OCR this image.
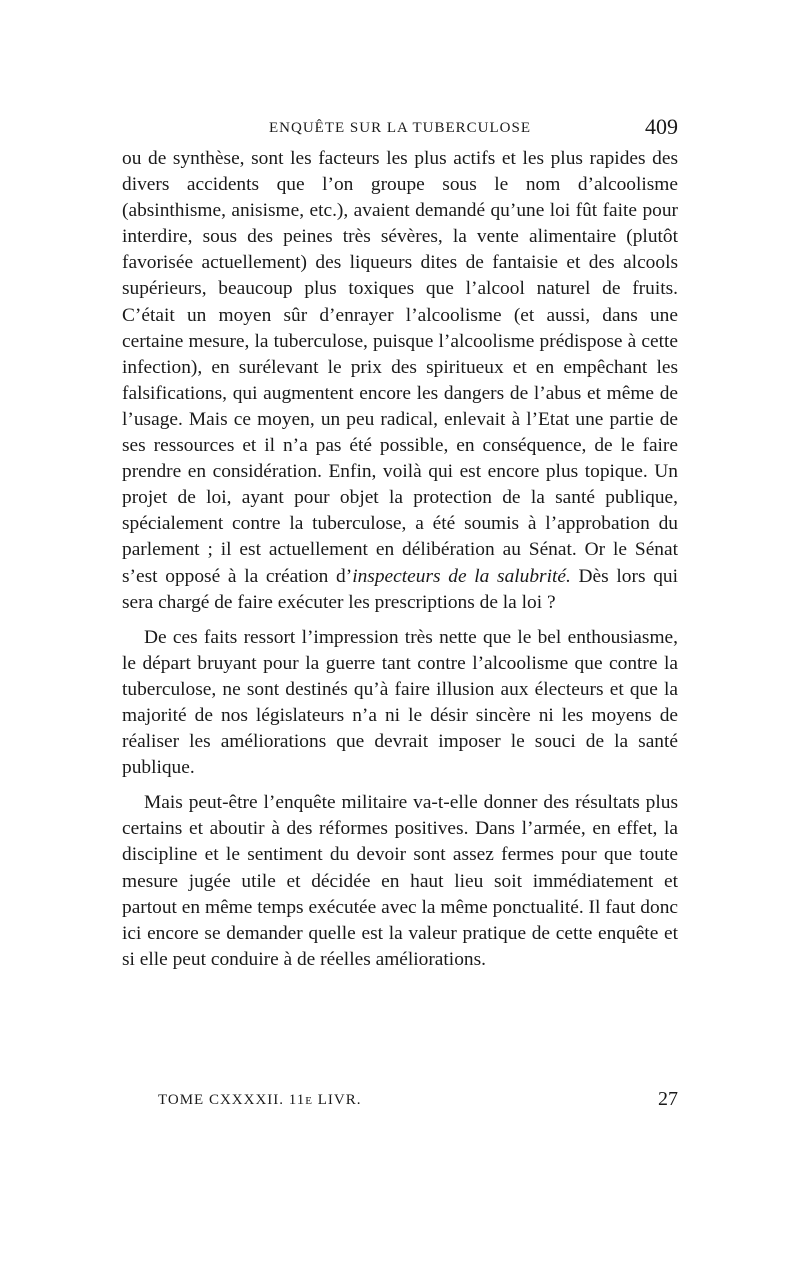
ENQUÊTE SUR LA TUBERCULOSE	409

ou de synthèse, sont les facteurs les plus actifs et les plus rapides des divers accidents que l’on groupe sous le nom d’alcoolisme (absinthisme, anisisme, etc.), avaient demandé qu’une loi fût faite pour interdire, sous des peines très sévères, la vente alimentaire (plutôt favorisée actuellement) des liqueurs dites de fantaisie et des alcools supérieurs, beaucoup plus toxiques que l’alcool naturel de fruits. C’était un moyen sûr d’enrayer l’alcoolisme (et aussi, dans une certaine mesure, la tuberculose, puisque l’alcoolisme prédispose à cette infection), en surélevant le prix des spiritueux et en empêchant les falsifications, qui augmentent encore les dangers de l’abus et même de l’usage. Mais ce moyen, un peu radical, enlevait à l’Etat une partie de ses ressources et il n’a pas été possible, en conséquence, de le faire prendre en considération. Enfin, voilà qui est encore plus topique. Un projet de loi, ayant pour objet la protection de la santé publique, spécialement contre la tuberculose, a été soumis à l’approbation du parlement ; il est actuellement en délibération au Sénat. Or le Sénat s’est opposé à la création d’inspecteurs de la salubrité. Dès lors qui sera chargé de faire exécuter les prescriptions de la loi ?

De ces faits ressort l’impression très nette que le bel enthousiasme, le départ bruyant pour la guerre tant contre l’alcoolisme que contre la tuberculose, ne sont destinés qu’à faire illusion aux électeurs et que la majorité de nos législateurs n’a ni le désir sincère ni les moyens de réaliser les améliorations que devrait imposer le souci de la santé publique.

Mais peut-être l’enquête militaire va-t-elle donner des résultats plus certains et aboutir à des réformes positives. Dans l’armée, en effet, la discipline et le sentiment du devoir sont assez fermes pour que toute mesure jugée utile et décidée en haut lieu soit immédiatement et partout en même temps exécutée avec la même ponctualité. Il faut donc ici encore se demander quelle est la valeur pratique de cette enquête et si elle peut conduire à de réelles améliorations.

TOME CXXXXII. 11e LIVR.	27
